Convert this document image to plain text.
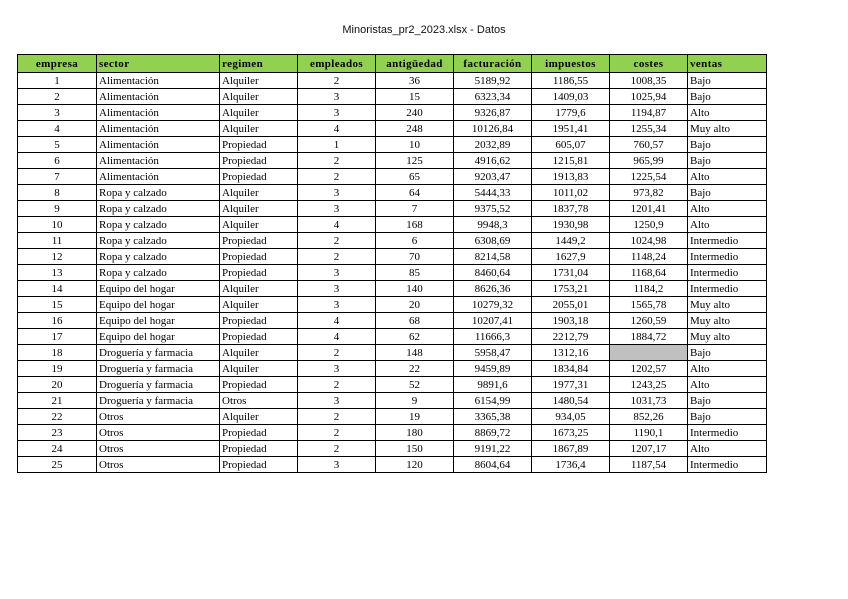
Minoristas_pr2_2023.xlsx - Datos
empresa	sector	regimen	empleados	antigüedad	facturación	impuestos	costes	ventas
1	Alimentación	Alquiler	2	36	5189,92	1186,55	1008,35	Bajo
2	Alimentación	Alquiler	3	15	6323,34	1409,03	1025,94	Bajo
3	Alimentación	Alquiler	3	240	9326,87	1779,6	1194,87	Alto
4	Alimentación	Alquiler	4	248	10126,84	1951,41	1255,34	Muy alto
5	Alimentación	Propiedad	1	10	2032,89	605,07	760,57	Bajo
6	Alimentación	Propiedad	2	125	4916,62	1215,81	965,99	Bajo
7	Alimentación	Propiedad	2	65	9203,47	1913,83	1225,54	Alto
8	Ropa y calzado	Alquiler	3	64	5444,33	1011,02	973,82	Bajo
9	Ropa y calzado	Alquiler	3	7	9375,52	1837,78	1201,41	Alto
10	Ropa y calzado	Alquiler	4	168	9948,3	1930,98	1250,9	Alto
11	Ropa y calzado	Propiedad	2	6	6308,69	1449,2	1024,98	Intermedio
12	Ropa y calzado	Propiedad	2	70	8214,58	1627,9	1148,24	Intermedio
13	Ropa y calzado	Propiedad	3	85	8460,64	1731,04	1168,64	Intermedio
14	Equipo del hogar	Alquiler	3	140	8626,36	1753,21	1184,2	Intermedio
15	Equipo del hogar	Alquiler	3	20	10279,32	2055,01	1565,78	Muy alto
16	Equipo del hogar	Propiedad	4	68	10207,41	1903,18	1260,59	Muy alto
17	Equipo del hogar	Propiedad	4	62	11666,3	2212,79	1884,72	Muy alto
18	Droguería y farmacia	Alquiler	2	148	5958,47	1312,16		Bajo
19	Droguería y farmacia	Alquiler	3	22	9459,89	1834,84	1202,57	Alto
20	Droguería y farmacia	Propiedad	2	52	9891,6	1977,31	1243,25	Alto
21	Droguería y farmacia	Otros	3	9	6154,99	1480,54	1031,73	Bajo
22	Otros	Alquiler	2	19	3365,38	934,05	852,26	Bajo
23	Otros	Propiedad	2	180	8869,72	1673,25	1190,1	Intermedio
24	Otros	Propiedad	2	150	9191,22	1867,89	1207,17	Alto
25	Otros	Propiedad	3	120	8604,64	1736,4	1187,54	Intermedio
